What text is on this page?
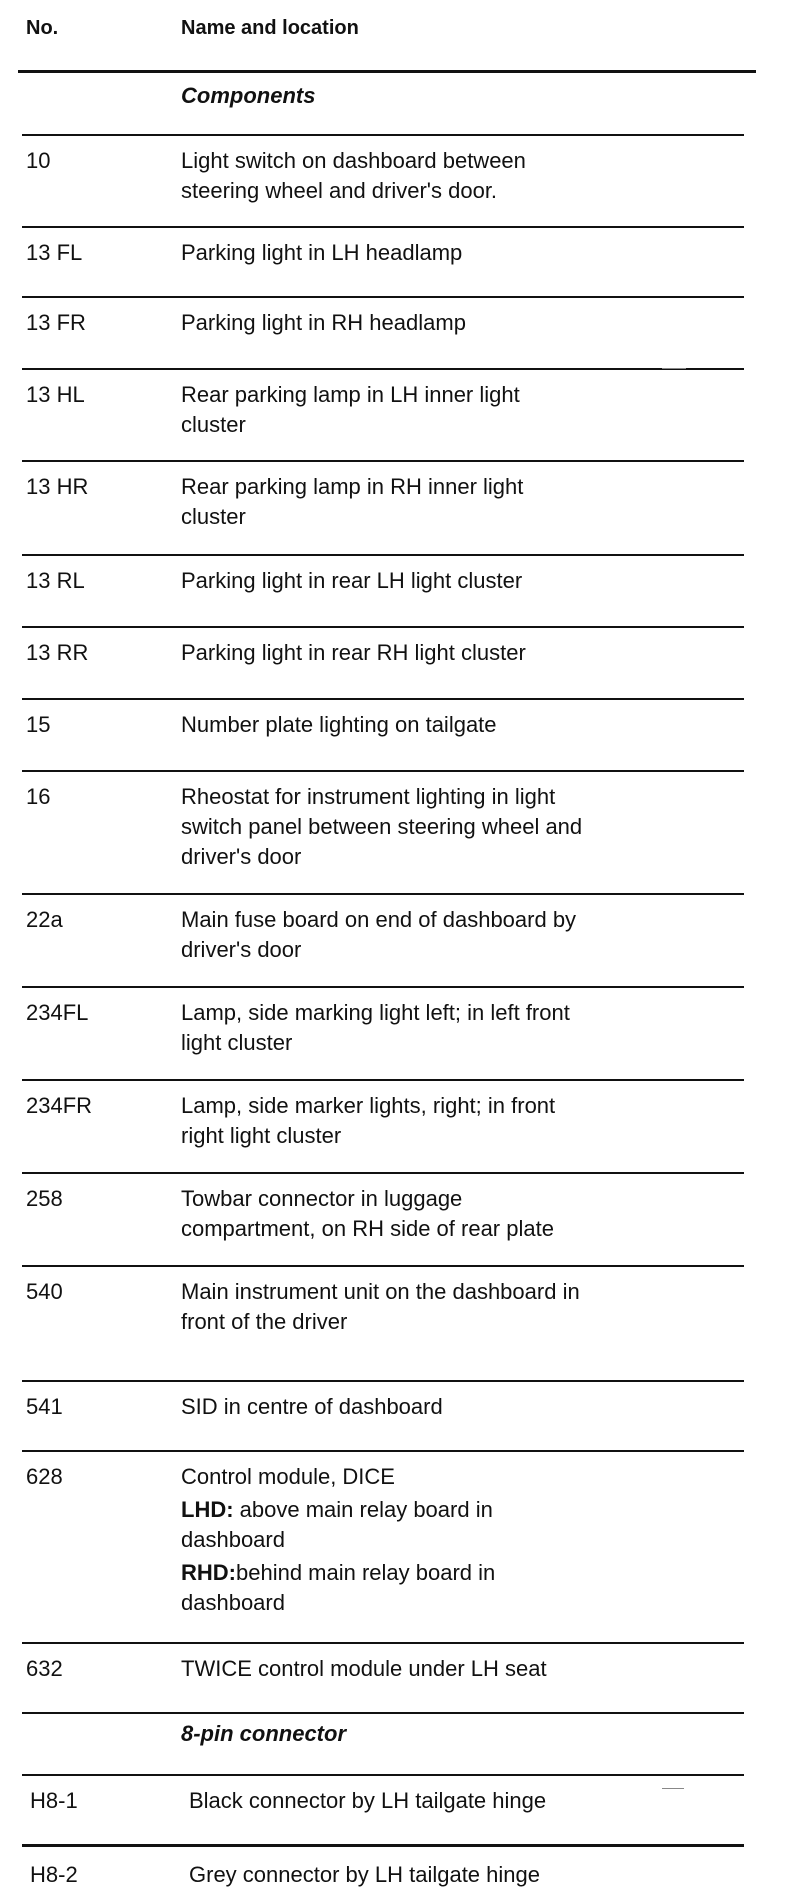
No.	Name and location
Components
10	Light switch on dashboard between
steering wheel and driver's door.
13 FL	Parking light in LH headlamp
13 FR	Parking light in RH headlamp
13 HL	Rear parking lamp in LH inner light
cluster
13 HR	Rear parking lamp in RH inner light
cluster
13 RL	Parking light in rear LH light cluster
13 RR	Parking light in rear RH light cluster
15	Number plate lighting on tailgate
16	Rheostat for instrument lighting in light
switch panel between steering wheel and
driver's door
22a	Main fuse board on end of dashboard by
driver's door
234FL	Lamp, side marking light left; in left front
light cluster
234FR	Lamp, side marker lights, right; in front
right light cluster
258	Towbar connector in luggage
compartment, on RH side of rear plate
540	Main instrument unit on the dashboard in
front of the driver
541	SID in centre of dashboard
628	Control module, DICE

LHD: above main relay board in dashboard

RHD:behind main relay board in dashboard

632	TWICE control module under LH seat
8-pin connector
H8-1	Black connector by LH tailgate hinge
H8-2	Grey connector by LH tailgate hinge
